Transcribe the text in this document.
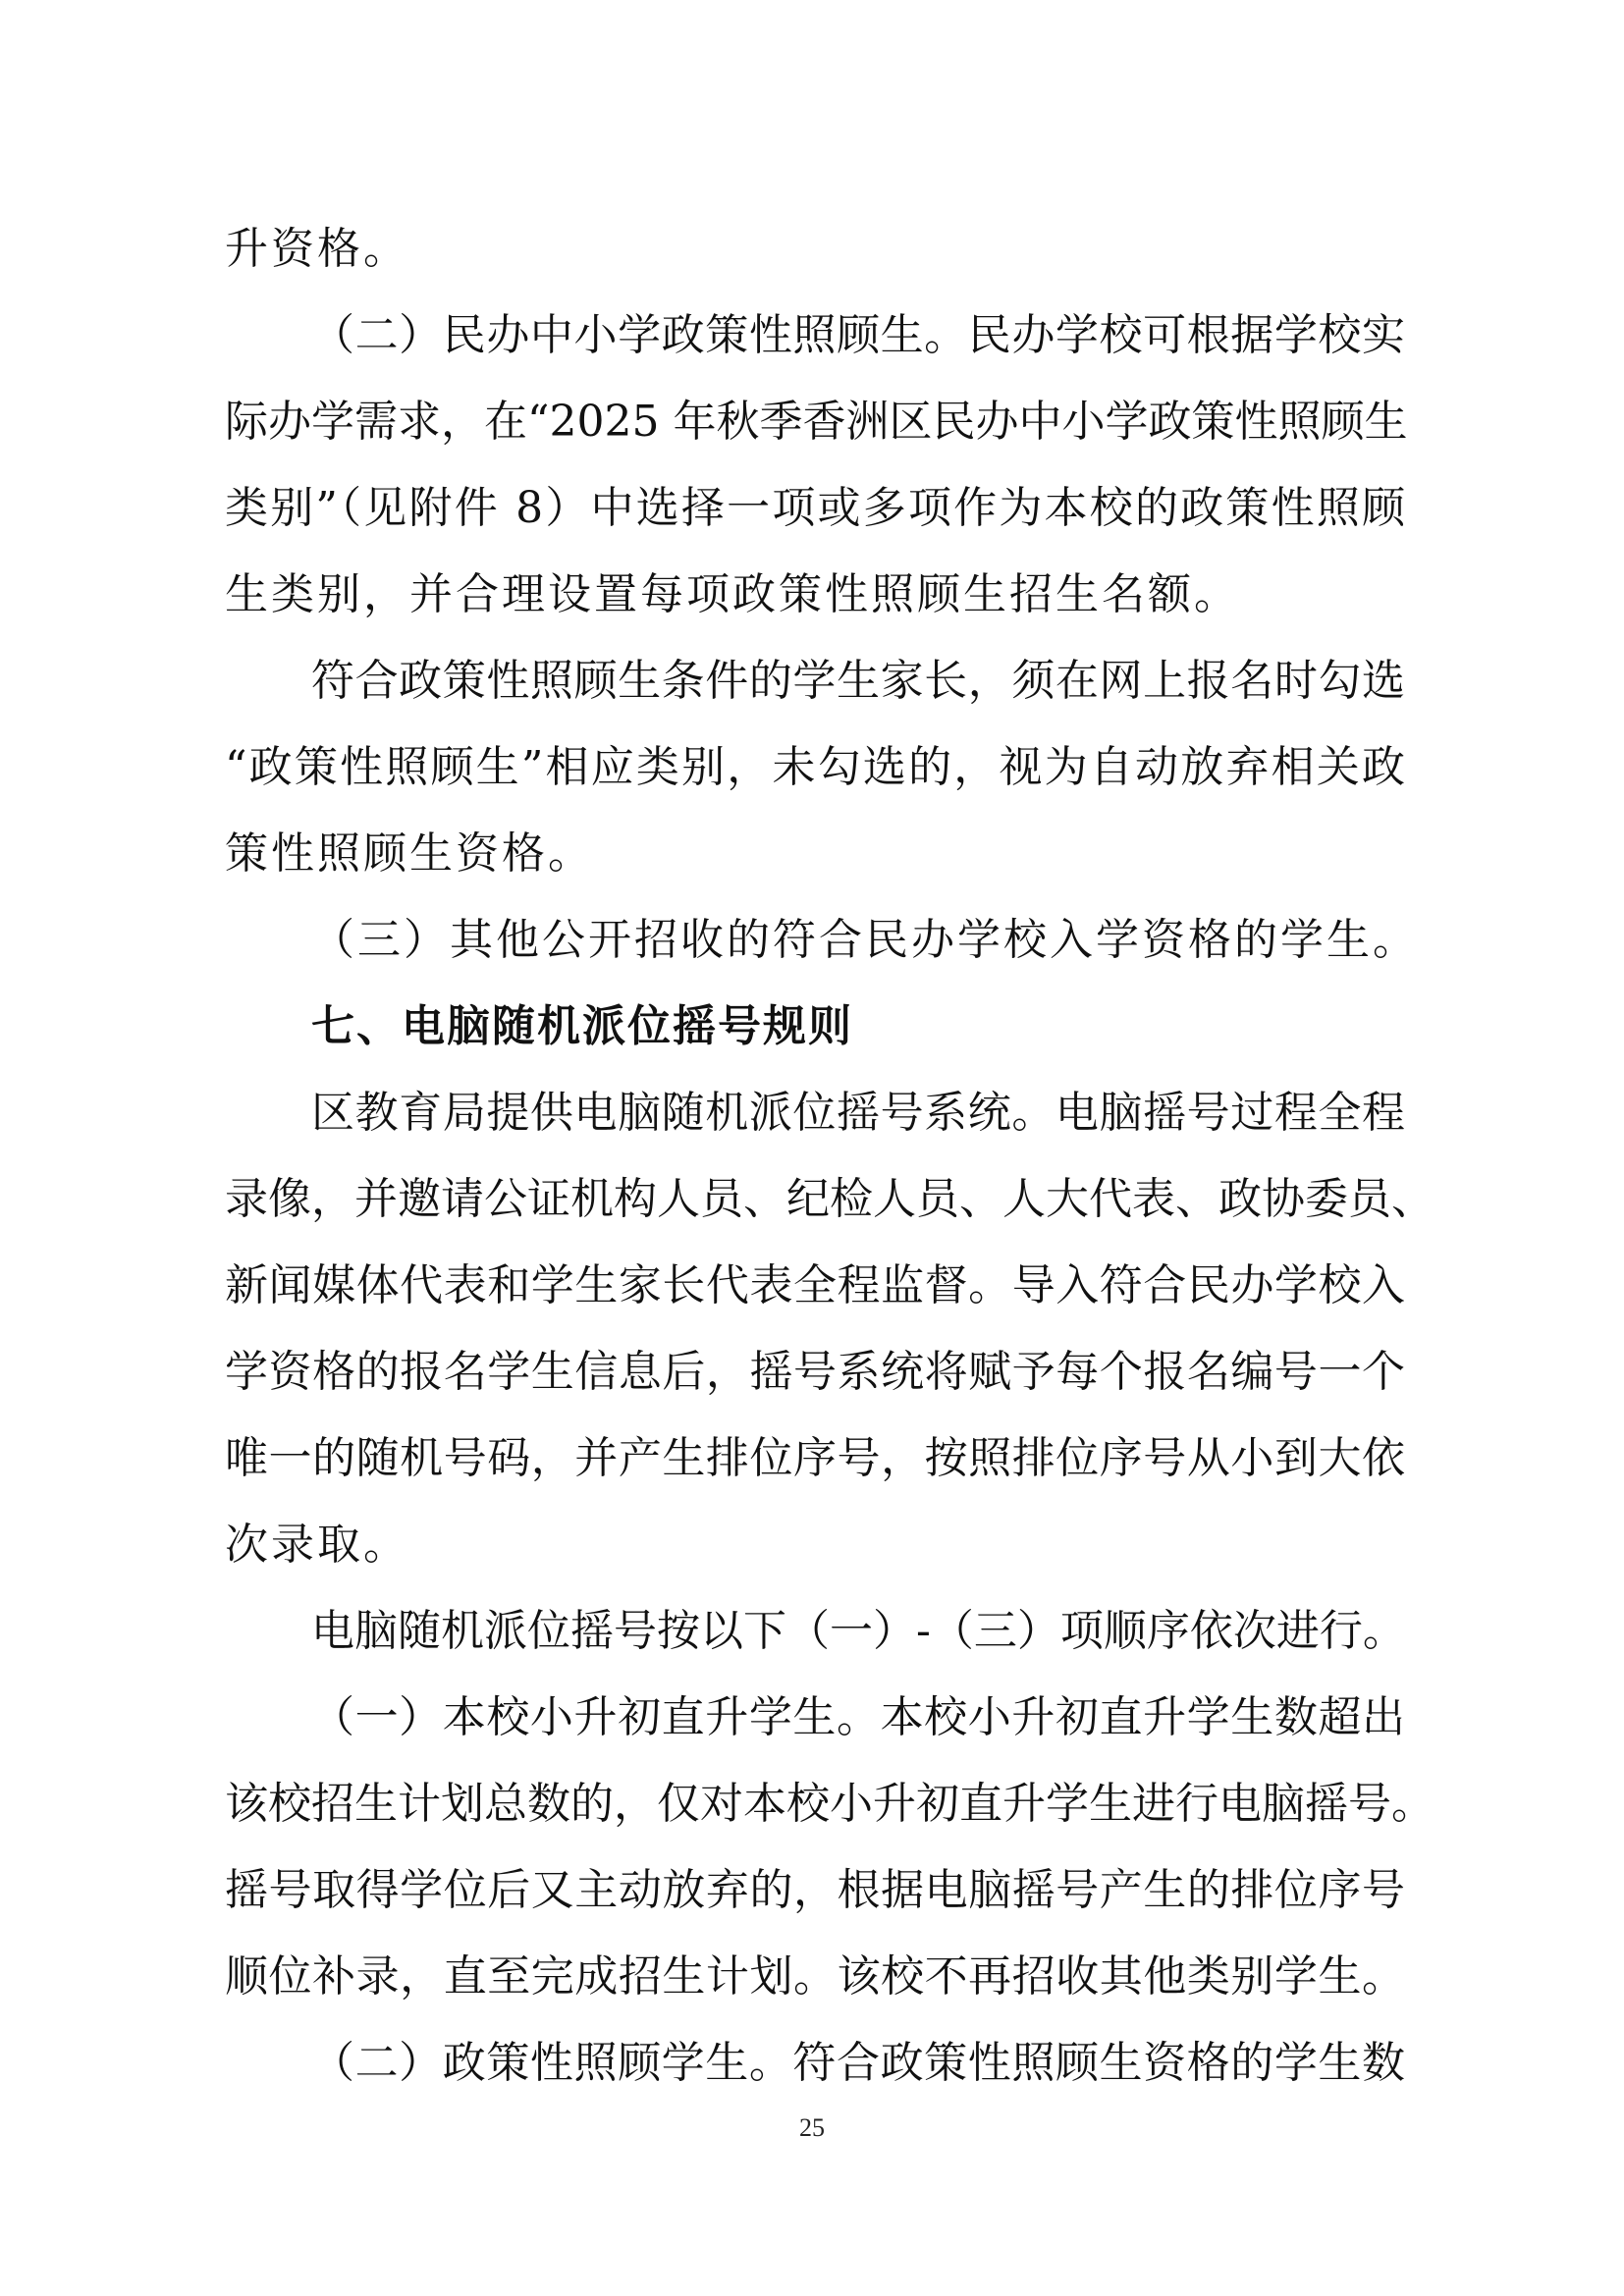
升资格。
（二）民办中小学政策性照顾生。民办学校可根据学校实
际办学需求，在“2025 年秋季香洲区民办中小学政策性照顾生
类别”（见附件 8）中选择一项或多项作为本校的政策性照顾
生类别，并合理设置每项政策性照顾生招生名额。
符合政策性照顾生条件的学生家长，须在网上报名时勾选
“政策性照顾生”相应类别，未勾选的，视为自动放弃相关政
策性照顾生资格。
（三）其他公开招收的符合民办学校入学资格的学生。
七、电脑随机派位摇号规则
区教育局提供电脑随机派位摇号系统。电脑摇号过程全程
录像，并邀请公证机构人员、纪检人员、人大代表、政协委员、
新闻媒体代表和学生家长代表全程监督。导入符合民办学校入
学资格的报名学生信息后，摇号系统将赋予每个报名编号一个
唯一的随机号码，并产生排位序号，按照排位序号从小到大依
次录取。
电脑随机派位摇号按以下（一）-（三）项顺序依次进行。
（一）本校小升初直升学生。本校小升初直升学生数超出
该校招生计划总数的，仅对本校小升初直升学生进行电脑摇号。
摇号取得学位后又主动放弃的，根据电脑摇号产生的排位序号
顺位补录，直至完成招生计划。该校不再招收其他类别学生。
（二）政策性照顾学生。符合政策性照顾生资格的学生数
25
